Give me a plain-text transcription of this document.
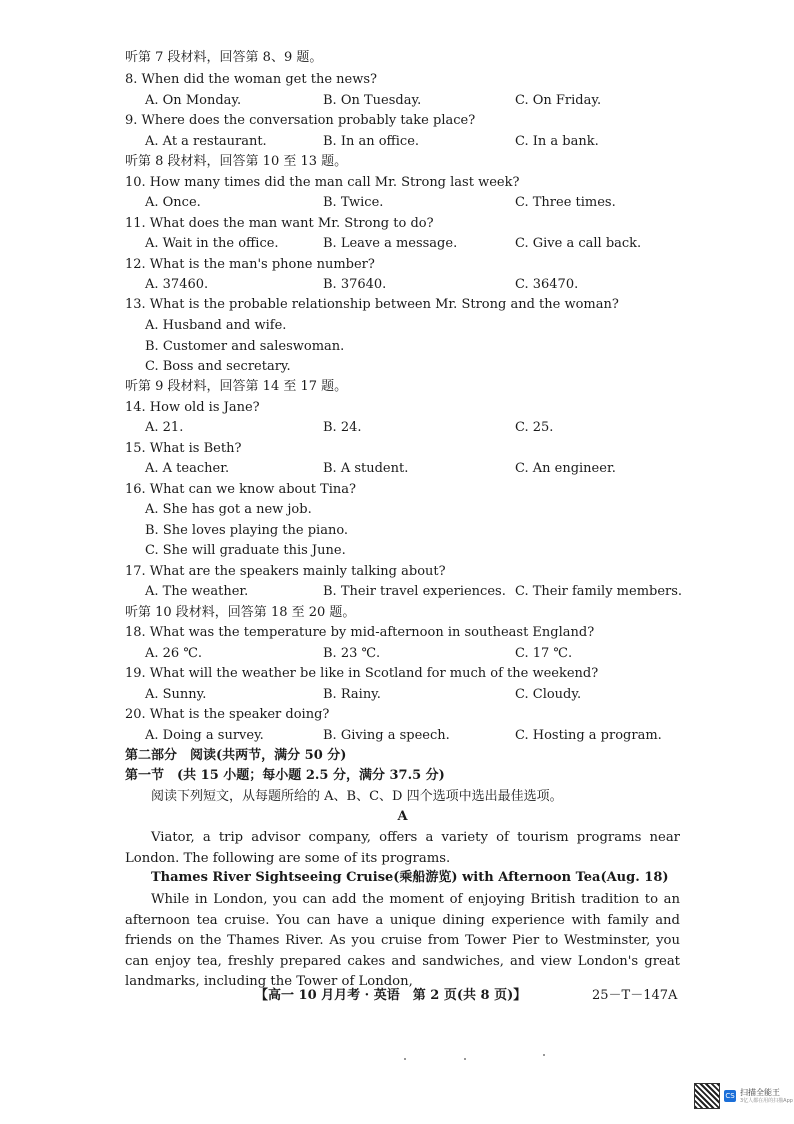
听第 7 段材料，回答第 8、9 题。
8. When did the woman get the news?
A. On Monday.	B. On Tuesday.	C. On Friday.
9. Where does the conversation probably take place?
A. At a restaurant.	B. In an office.	C. In a bank.
听第 8 段材料，回答第 10 至 13 题。
10. How many times did the man call Mr. Strong last week?
A. Once.	B. Twice.	C. Three times.
11. What does the man want Mr. Strong to do?
A. Wait in the office.	B. Leave a message.	C. Give a call back.
12. What is the man's phone number?
A. 37460.	B. 37640.	C. 36470.
13. What is the probable relationship between Mr. Strong and the woman?
A. Husband and wife.
B. Customer and saleswoman.
C. Boss and secretary.
听第 9 段材料，回答第 14 至 17 题。
14. How old is Jane?
A. 21.	B. 24.	C. 25.
15. What is Beth?
A. A teacher.	B. A student.	C. An engineer.
16. What can we know about Tina?
A. She has got a new job.
B. She loves playing the piano.
C. She will graduate this June.
17. What are the speakers mainly talking about?
A. The weather.	B. Their travel experiences. C. Their family members.
听第 10 段材料，回答第 18 至 20 题。
18. What was the temperature by mid-afternoon in southeast England?
A. 26 ℃.	B. 23 ℃.	C. 17 ℃.
19. What will the weather be like in Scotland for much of the weekend?
A. Sunny.	B. Rainy.	C. Cloudy.
20. What is the speaker doing?
A. Doing a survey.	B. Giving a speech.	C. Hosting a program.
第二部分　阅读(共两节，满分 50 分)
第一节　(共 15 小题；每小题 2.5 分，满分 37.5 分)
阅读下列短文，从每题所给的 A、B、C、D 四个选项中选出最佳选项。
A

Viator, a trip advisor company, offers a variety of tourism programs near London. The following are some of its programs.

Thames River Sightseeing Cruise(乘船游览) with Afternoon Tea(Aug. 18)

While in London, you can add the moment of enjoying British tradition to an afternoon tea cruise. You can have a unique dining experience with family and friends on the Thames River. As you cruise from Tower Pier to Westminster, you can enjoy tea, freshly prepared cakes and sandwiches, and view London's great landmarks, including the Tower of London,

【高一 10 月月考 · 英语　第 2 页(共 8 页)】	25－T－147A
CS 扫描全能王
3亿人都在用的扫描App
